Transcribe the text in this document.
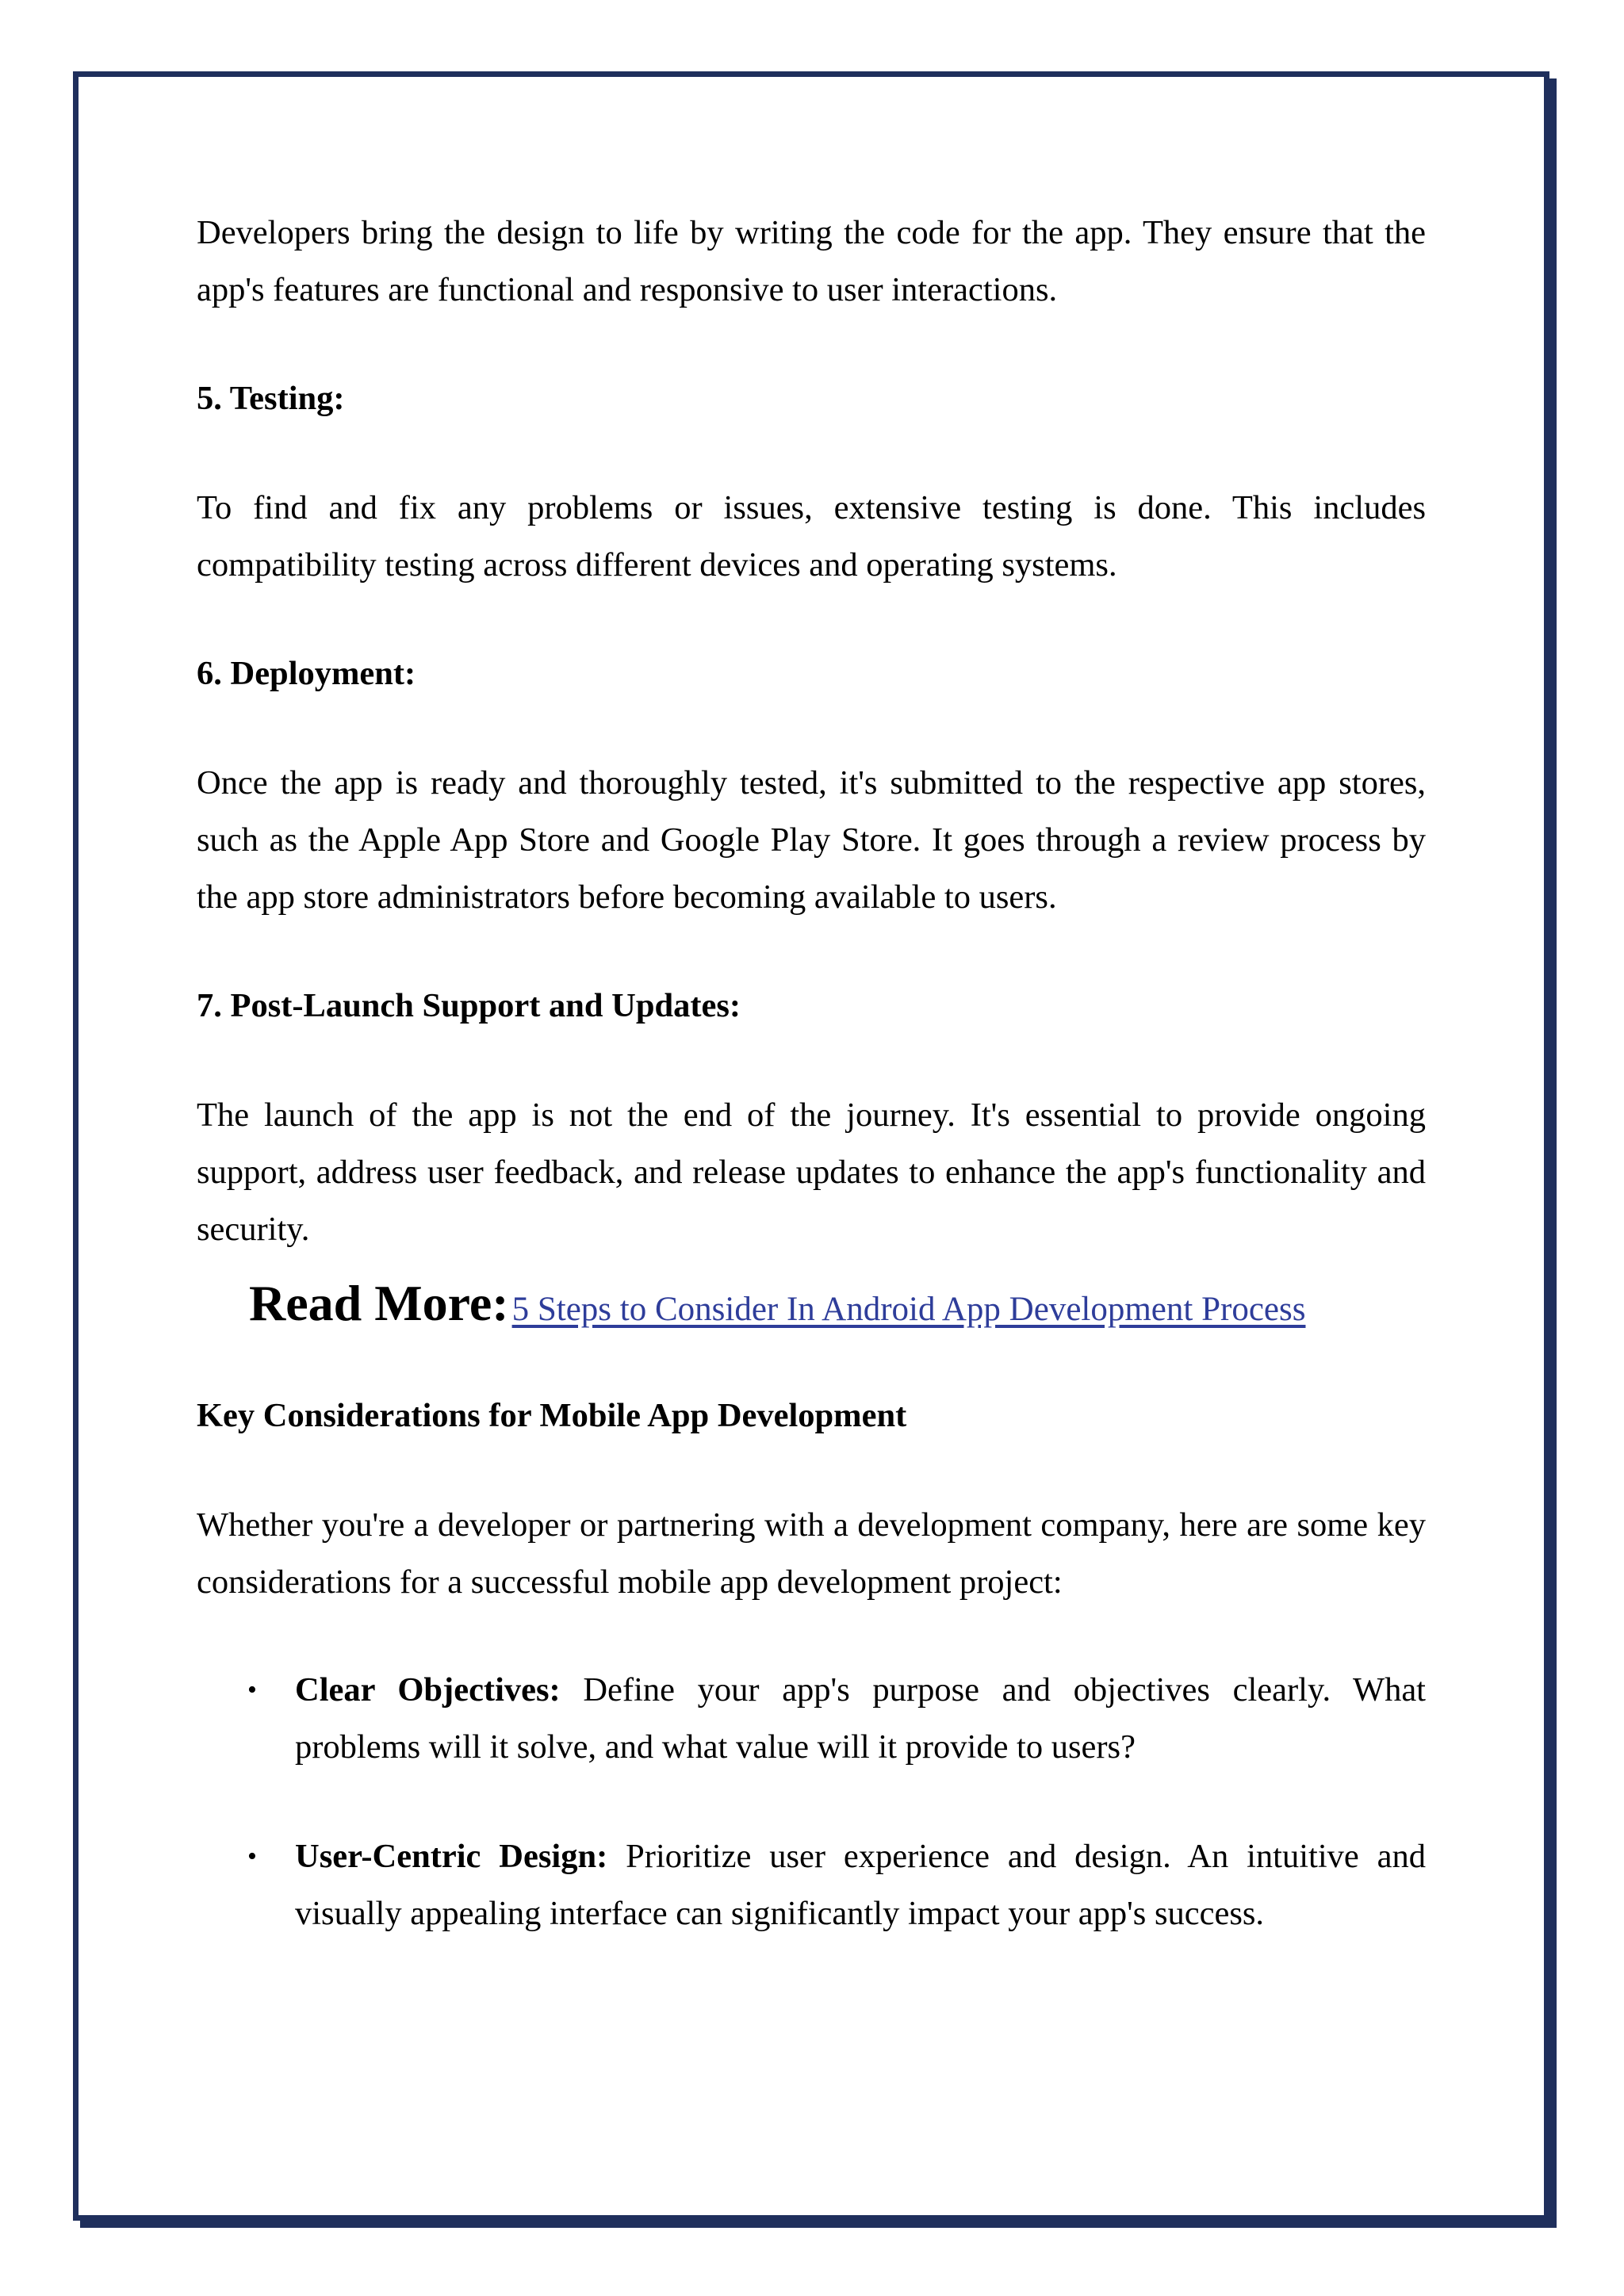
Developers bring the design to life by writing the code for the app. They ensure that the app's features are functional and responsive to user interactions.

5. Testing:

To find and fix any problems or issues, extensive testing is done. This includes compatibility testing across different devices and operating systems.

6. Deployment:

Once the app is ready and thoroughly tested, it's submitted to the respective app stores, such as the Apple App Store and Google Play Store. It goes through a review process by the app store administrators before becoming available to users.

7. Post-Launch Support and Updates:

The launch of the app is not the end of the journey. It's essential to provide ongoing support, address user feedback, and release updates to enhance the app's functionality and security.

Read More: 5 Steps to Consider In Android App Development Process

Key Considerations for Mobile App Development

Whether you're a developer or partnering with a development company, here are some key considerations for a successful mobile app development project:

• Clear Objectives: Define your app's purpose and objectives clearly. What problems will it solve, and what value will it provide to users?
• User-Centric Design: Prioritize user experience and design. An intuitive and visually appealing interface can significantly impact your app's success.
